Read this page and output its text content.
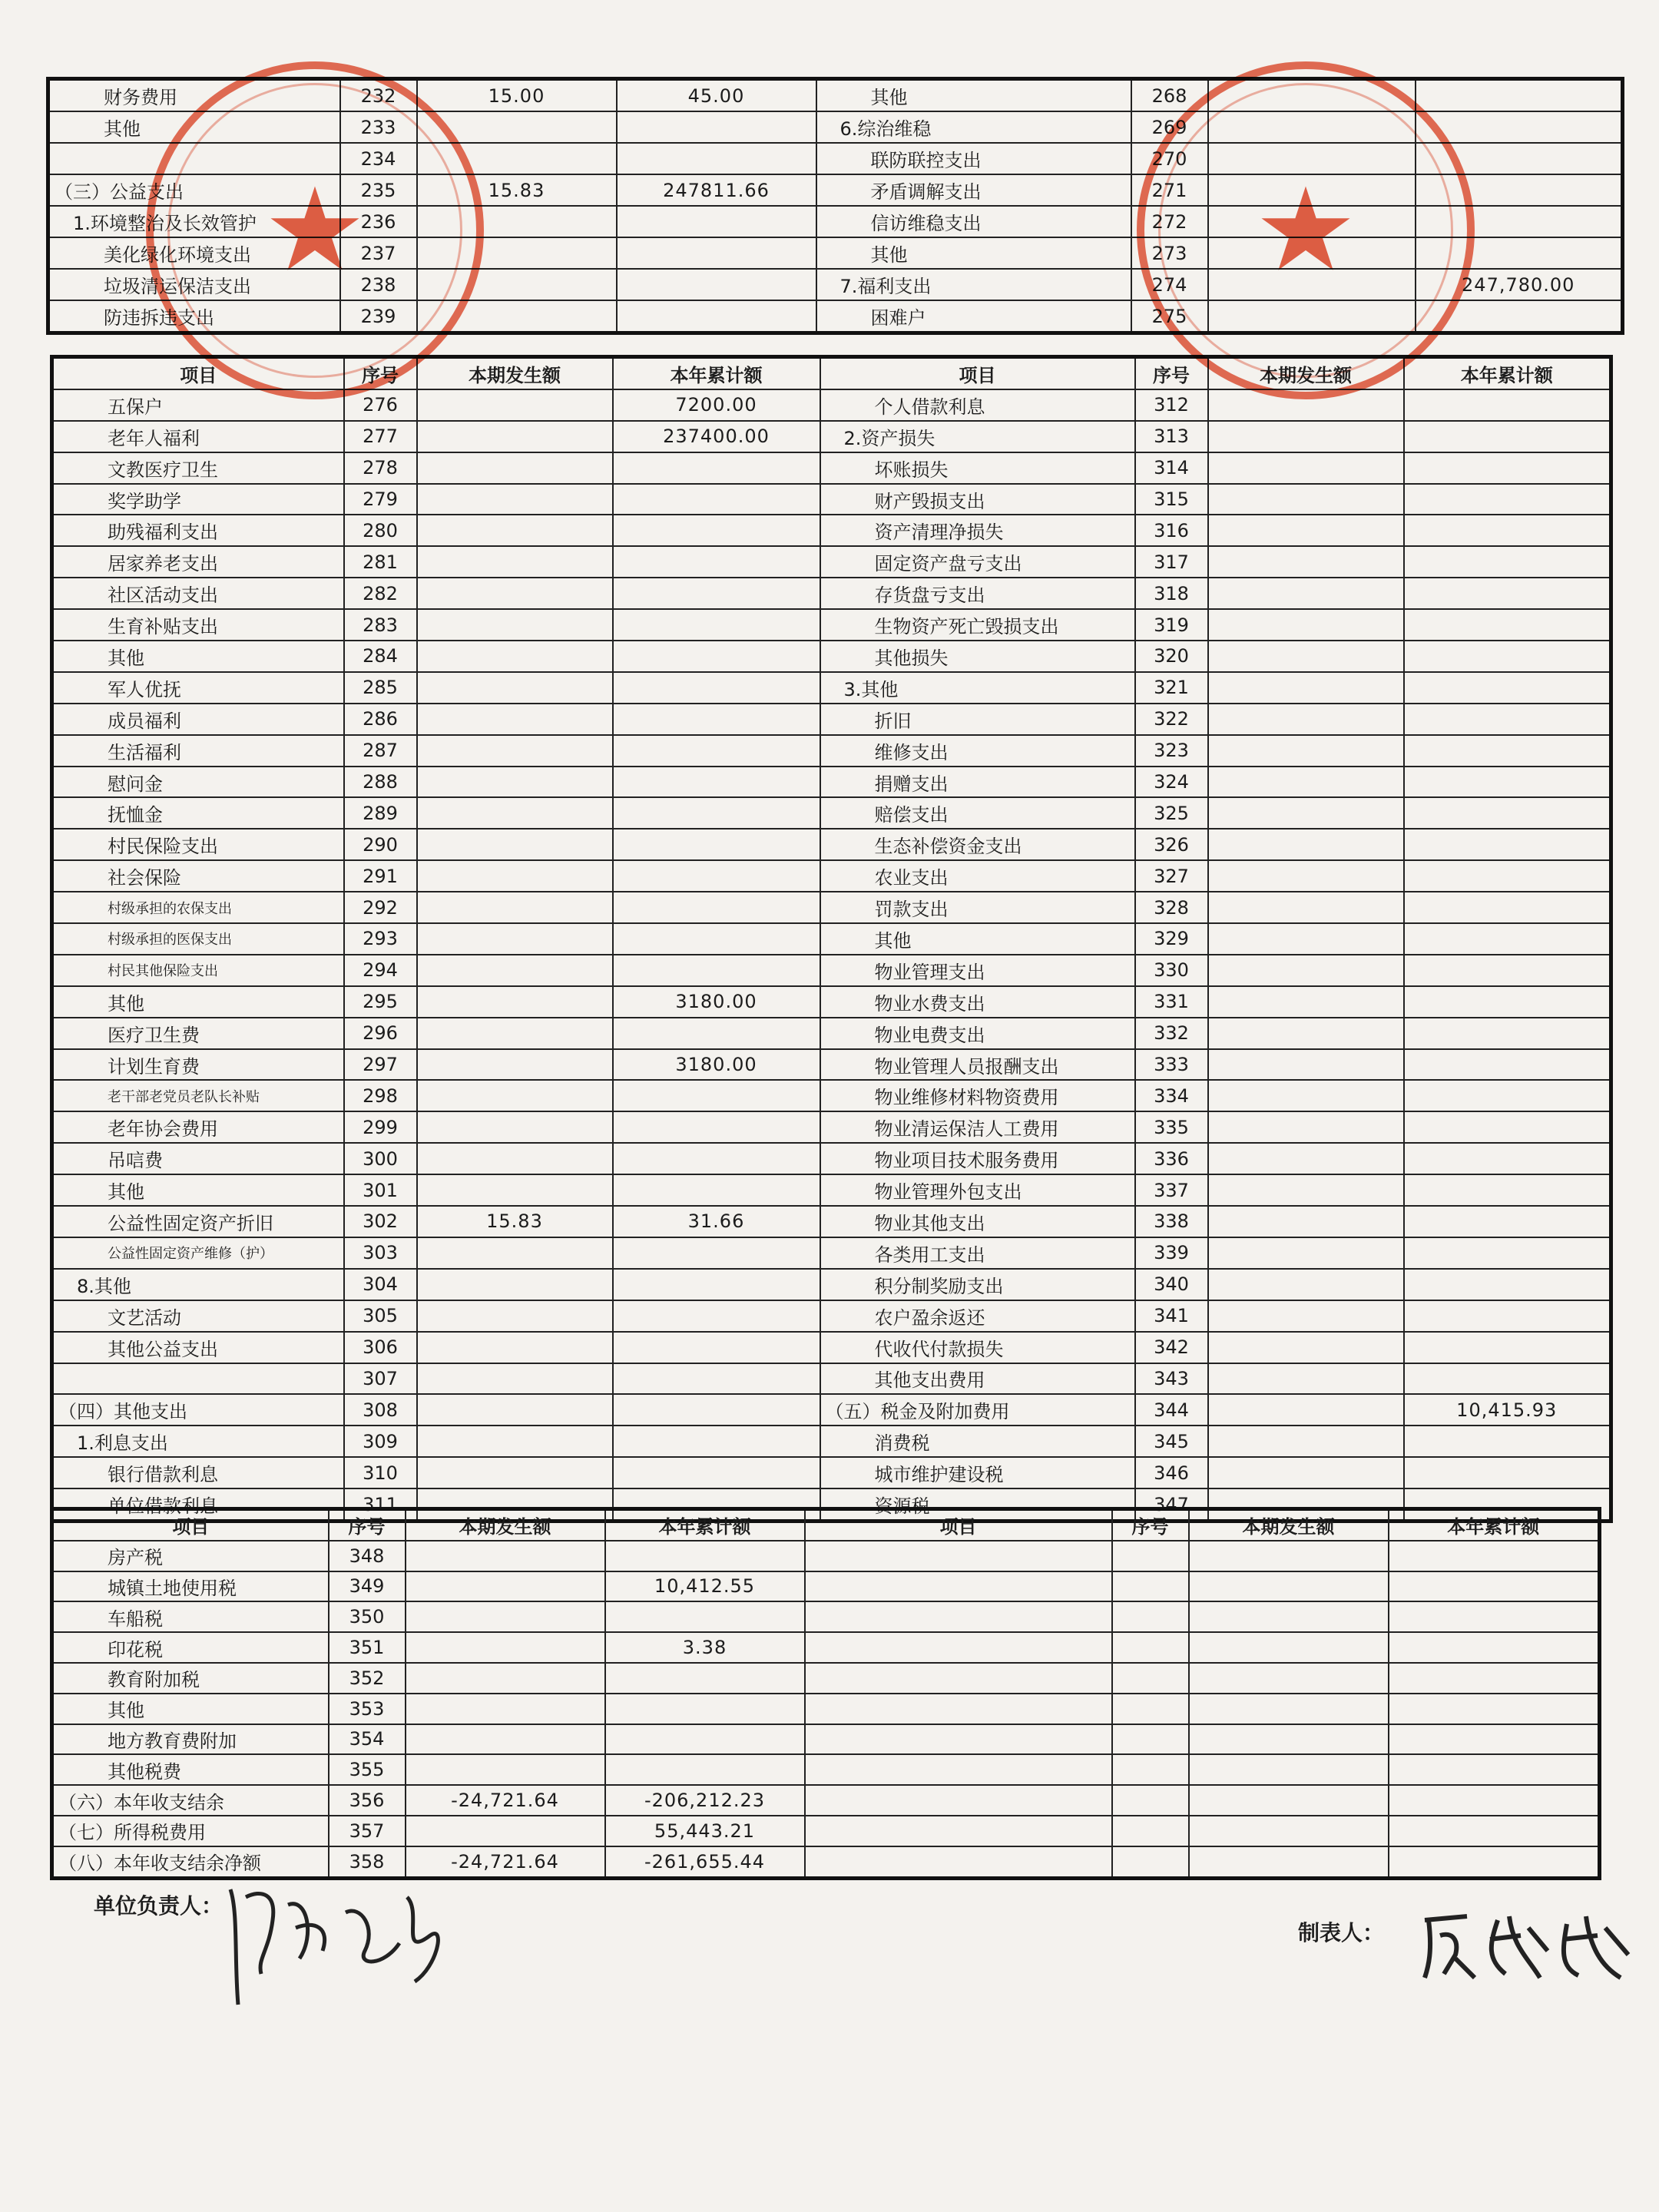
财务费用	232	15.00	45.00	其他	268		
其他	233			6.综治维稳	269		
	234			联防联控支出	270		
（三）公益支出	235	15.83	247811.66	矛盾调解支出	271		
1.环境整治及长效管护	236			信访维稳支出	272		
美化绿化环境支出	237			其他	273		
垃圾清运保洁支出	238			7.福利支出	274		247,780.00
防违拆违支出	239			困难户	275		
项目	序号	本期发生额	本年累计额	项目	序号	本期发生额	本年累计额
五保户	276		7200.00	个人借款利息	312		
老年人福利	277		237400.00	2.资产损失	313		
文教医疗卫生	278			坏账损失	314		
奖学助学	279			财产毁损支出	315		
助残福利支出	280			资产清理净损失	316		
居家养老支出	281			固定资产盘亏支出	317		
社区活动支出	282			存货盘亏支出	318		
生育补贴支出	283			生物资产死亡毁损支出	319		
其他	284			其他损失	320		
军人优抚	285			3.其他	321		
成员福利	286			折旧	322		
生活福利	287			维修支出	323		
慰问金	288			捐赠支出	324		
抚恤金	289			赔偿支出	325		
村民保险支出	290			生态补偿资金支出	326		
社会保险	291			农业支出	327		
村级承担的农保支出	292			罚款支出	328		
村级承担的医保支出	293			其他	329		
村民其他保险支出	294			物业管理支出	330		
其他	295		3180.00	物业水费支出	331		
医疗卫生费	296			物业电费支出	332		
计划生育费	297		3180.00	物业管理人员报酬支出	333		
老干部老党员老队长补贴	298			物业维修材料物资费用	334		
老年协会费用	299			物业清运保洁人工费用	335		
吊唁费	300			物业项目技术服务费用	336		
其他	301			物业管理外包支出	337		
公益性固定资产折旧	302	15.83	31.66	物业其他支出	338		
公益性固定资产维修（护）	303			各类用工支出	339		
8.其他	304			积分制奖励支出	340		
文艺活动	305			农户盈余返还	341		
其他公益支出	306			代收代付款损失	342		
	307			其他支出费用	343		
（四）其他支出	308			（五）税金及附加费用	344		10,415.93
1.利息支出	309			消费税	345		
银行借款利息	310			城市维护建设税	346		
单位借款利息	311			资源税	347		
项目	序号	本期发生额	本年累计额	项目	序号	本期发生额	本年累计额
房产税	348						
城镇土地使用税	349		10,412.55				
车船税	350						
印花税	351		3.38				
教育附加税	352						
其他	353						
地方教育费附加	354						
其他税费	355						
（六）本年收支结余	356	-24,721.64	-206,212.23				
（七）所得税费用	357		55,443.21				
（八）本年收支结余净额	358	-24,721.64	-261,655.44				
★	★
单位负责人：
制表人：
